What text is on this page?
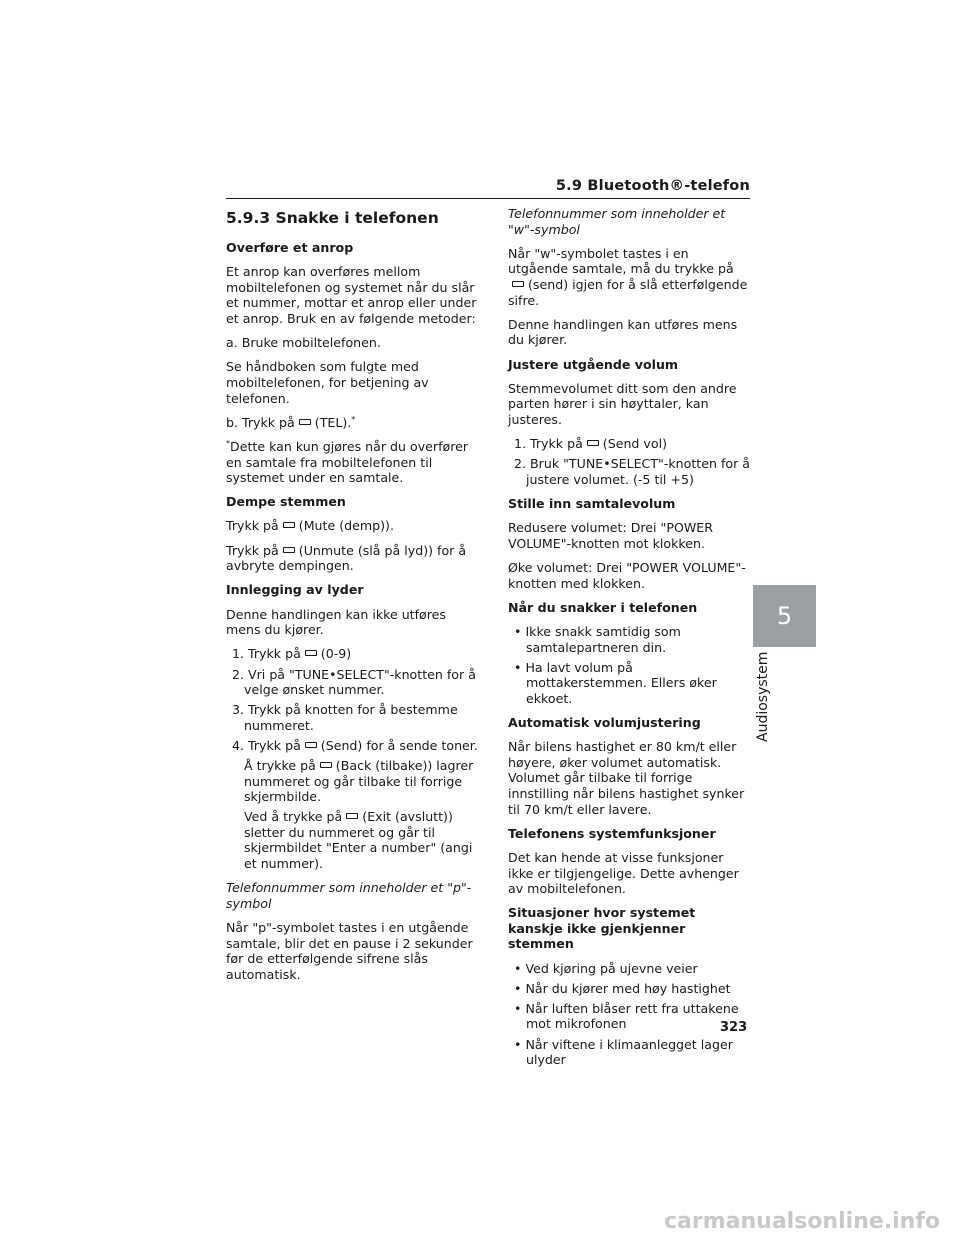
5.9 Bluetooth®-telefon
5
Audiosystem
5.9.3 Snakke i telefonen

Overføre et anrop

Et anrop kan overføres mellom mobiltelefonen og systemet når du slår et nummer, mottar et anrop eller under et anrop. Bruk en av følgende metoder:

a. Bruke mobiltelefonen.

Se håndboken som fulgte med mobiltelefonen, for betjening av telefonen.

b. Trykk på (TEL).*

*Dette kan kun gjøres når du overfører en samtale fra mobiltelefonen til systemet under en samtale.

Dempe stemmen

Trykk på (Mute (demp)).

Trykk på (Unmute (slå på lyd)) for å avbryte dempingen.

Innlegging av lyder

Denne handlingen kan ikke utføres mens du kjører.

1. Trykk på (0-9)

2. Vri på "TUNE•SELECT"-knotten for å velge ønsket nummer.

3. Trykk på knotten for å bestemme nummeret.

4. Trykk på (Send) for å sende toner.

Å trykke på (Back (tilbake)) lagrer nummeret og går tilbake til forrige skjermbilde.

Ved å trykke på (Exit (avslutt)) sletter du nummeret og går til skjermbildet "Enter a number" (angi et nummer).

Telefonnummer som inneholder et "p"-symbol

Når "p"-symbolet tastes i en utgående samtale, blir det en pause i 2 sekunder før de etterfølgende sifrene slås automatisk.

Telefonnummer som inneholder et "w"-symbol

Når "w"-symbolet tastes i en utgående samtale, må du trykke på(send) igjen for å slå etterfølgende sifre.

Denne handlingen kan utføres mens du kjører.

Justere utgående volum

Stemmevolumet ditt som den andre parten hører i sin høyttaler, kan justeres.

1. Trykk på (Send vol)

2. Bruk "TUNE•SELECT"-knotten for å justere volumet. (-5 til +5)

Stille inn samtalevolum

Redusere volumet: Drei "POWER VOLUME"-knotten mot klokken.

Øke volumet: Drei "POWER VOLUME"-knotten med klokken.

Når du snakker i telefonen

• Ikke snakk samtidig som samtalepartneren din.

• Ha lavt volum på mottakerstemmen. Ellers øker ekkoet.

Automatisk volumjustering

Når bilens hastighet er 80 km/t eller høyere, øker volumet automatisk. Volumet går tilbake til forrige innstilling når bilens hastighet synker til 70 km/t eller lavere.

Telefonens systemfunksjoner

Det kan hende at visse funksjoner ikke er tilgjengelige. Dette avhenger av mobiltelefonen.

Situasjoner hvor systemet kanskje ikke gjenkjenner stemmen

• Ved kjøring på ujevne veier

• Når du kjører med høy hastighet

• Når luften blåser rett fra uttakene mot mikrofonen

• Når viftene i klimaanlegget lager ulyder

323
carmanualsonline.info
